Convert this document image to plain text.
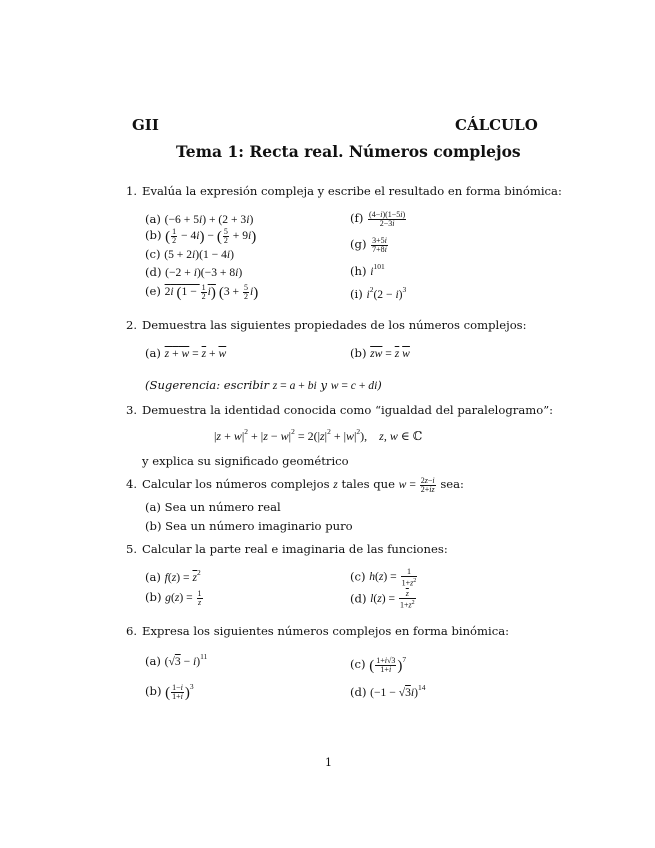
GII	CÁLCULO
Tema 1: Recta real. Números complejos
1. Evalúa la expresión compleja y escribe el resultado en forma binómica:
(a) (−6 + 5i) + (2 + 3i)
(b) ( $\frac{1}{2} - 4i$) − ( $\frac{5}{2} + 9i$)
(c) (5 + 2i)(1 − 4i)
(d) (−2 + i)(−3 + 8i)
(e) 2i $(1 - \frac{1}{2} i)$ $(3 + \frac{5}{2} i)$
$(f) \frac{(4-i)(1-5i)}{2-3i}$
$(g) \frac{3+5i}{7+8i}$
(h) $i^{101}$
(i) $i^2(2 - i)^3$
2. Demuestra las siguientes propiedades de los números complejos:
(a) $z + w = \overline{z} + \overline{w}$	(b) $\overline{zw} = \overline{z}$ $\overline{w}$
(Sugerencia: escribir z = a + bi y w = c + di)
3. Demuestra la identidad conocida como “igualdad del paralelogramo”:
$|z + w|^2 + |z - w|^2 = 2(|z|^2 + |w|^2)$,    z, w ∈ ℂ
y explica su significado geométrico
4. Calcular los números complejos z tales que $w = \frac{2z-i}{2+iz}$ sea:
(a) Sea un número real
(b) Sea un número imaginario puro
5. Calcular la parte real e imaginaria de las funciones:
(a) $f(z) = \overline{z}^2$
(b) $g(z) = \frac{1}{z}$
(c) $h(z) = \frac{1}{1+z^2}$
(d) $l(z) = \frac{\overline{z}}{1+z^2}$
6. Expresa los siguientes números complejos en forma binómica:
(a) $(√3 - i)^{11}$
(b) ( $\frac{1-i}{1+i} )^3$
(c) ( $\frac{1+i√3}{1+i} )^7$
(d) $(-1 - √3i)^{14}$
1
